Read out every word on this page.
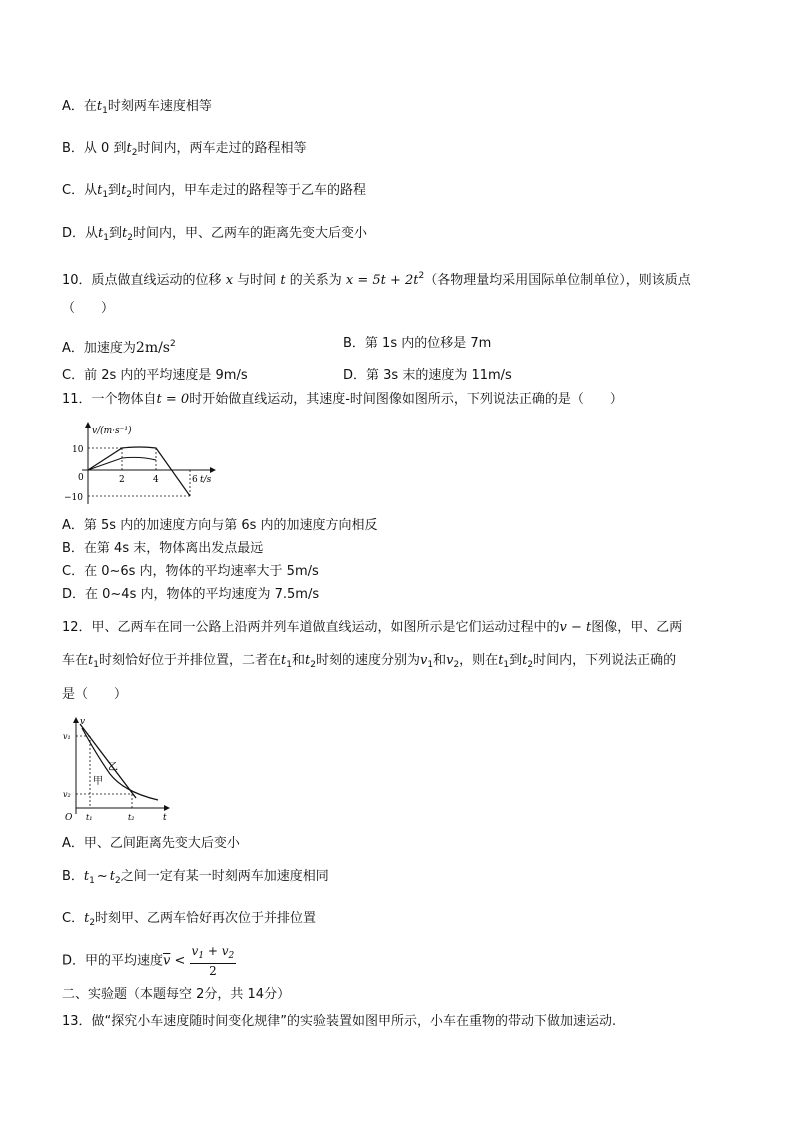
A．在$t_1$时刻两车速度相等
B．从 0 到$t_2$时间内，两车走过的路程相等
C．从$t_1$到$t_2$时间内，甲车走过的路程等于乙车的路程
D．从$t_1$到$t_2$时间内，甲、乙两车的距离先变大后变小
10．质点做直线运动的位移 x 与时间 t 的关系为 $x = 5t + 2t^2$（各物理量均采用国际单位制单位），则该质点
（　　）
A．加速度为$2m/s^2$	B．第 1s 内的位移是 7m
C．前 2s 内的平均速度是 9m/s	D．第 3s 末的速度为 11m/s
11．一个物体自t = 0时开始做直线运动，其速度-时间图像如图所示，下列说法正确的是（　　）
v/(m·s⁻¹)
10
0	2	4	6 t/s
−10
A．第 5s 内的加速度方向与第 6s 内的加速度方向相反
B．在第 4s 末，物体离出发点最远
C．在 0~6s 内，物体的平均速率大于 5m/s
D．在 0~4s 内，物体的平均速度为 7.5m/s
12．甲、乙两车在同一公路上沿两并列车道做直线运动，如图所示是它们运动过程中的v − t图像，甲、乙两
车在$t_1$时刻恰好位于并排位置，二者在$t_1$和$t_2$时刻的速度分别为$v_1$和$v_2$，则在$t_1$到$t_2$时间内，下列说法正确的
是（　　）
v
v₁
乙
甲
v₂
O t₁	t₂	t
A．甲、乙间距离先变大后变小
B．$t_1$ ~ $t_2$之间一定有某一时刻两车加速度相同
C．$t_2$时刻甲、乙两车恰好再次位于并排位置
D．甲的平均速度$\overline{v} < \frac{v_1 + v_2}{2}$
二、实验题（本题每空 2分，共 14分）
13．做“探究小车速度随时间变化规律”的实验装置如图甲所示，小车在重物的带动下做加速运动.
